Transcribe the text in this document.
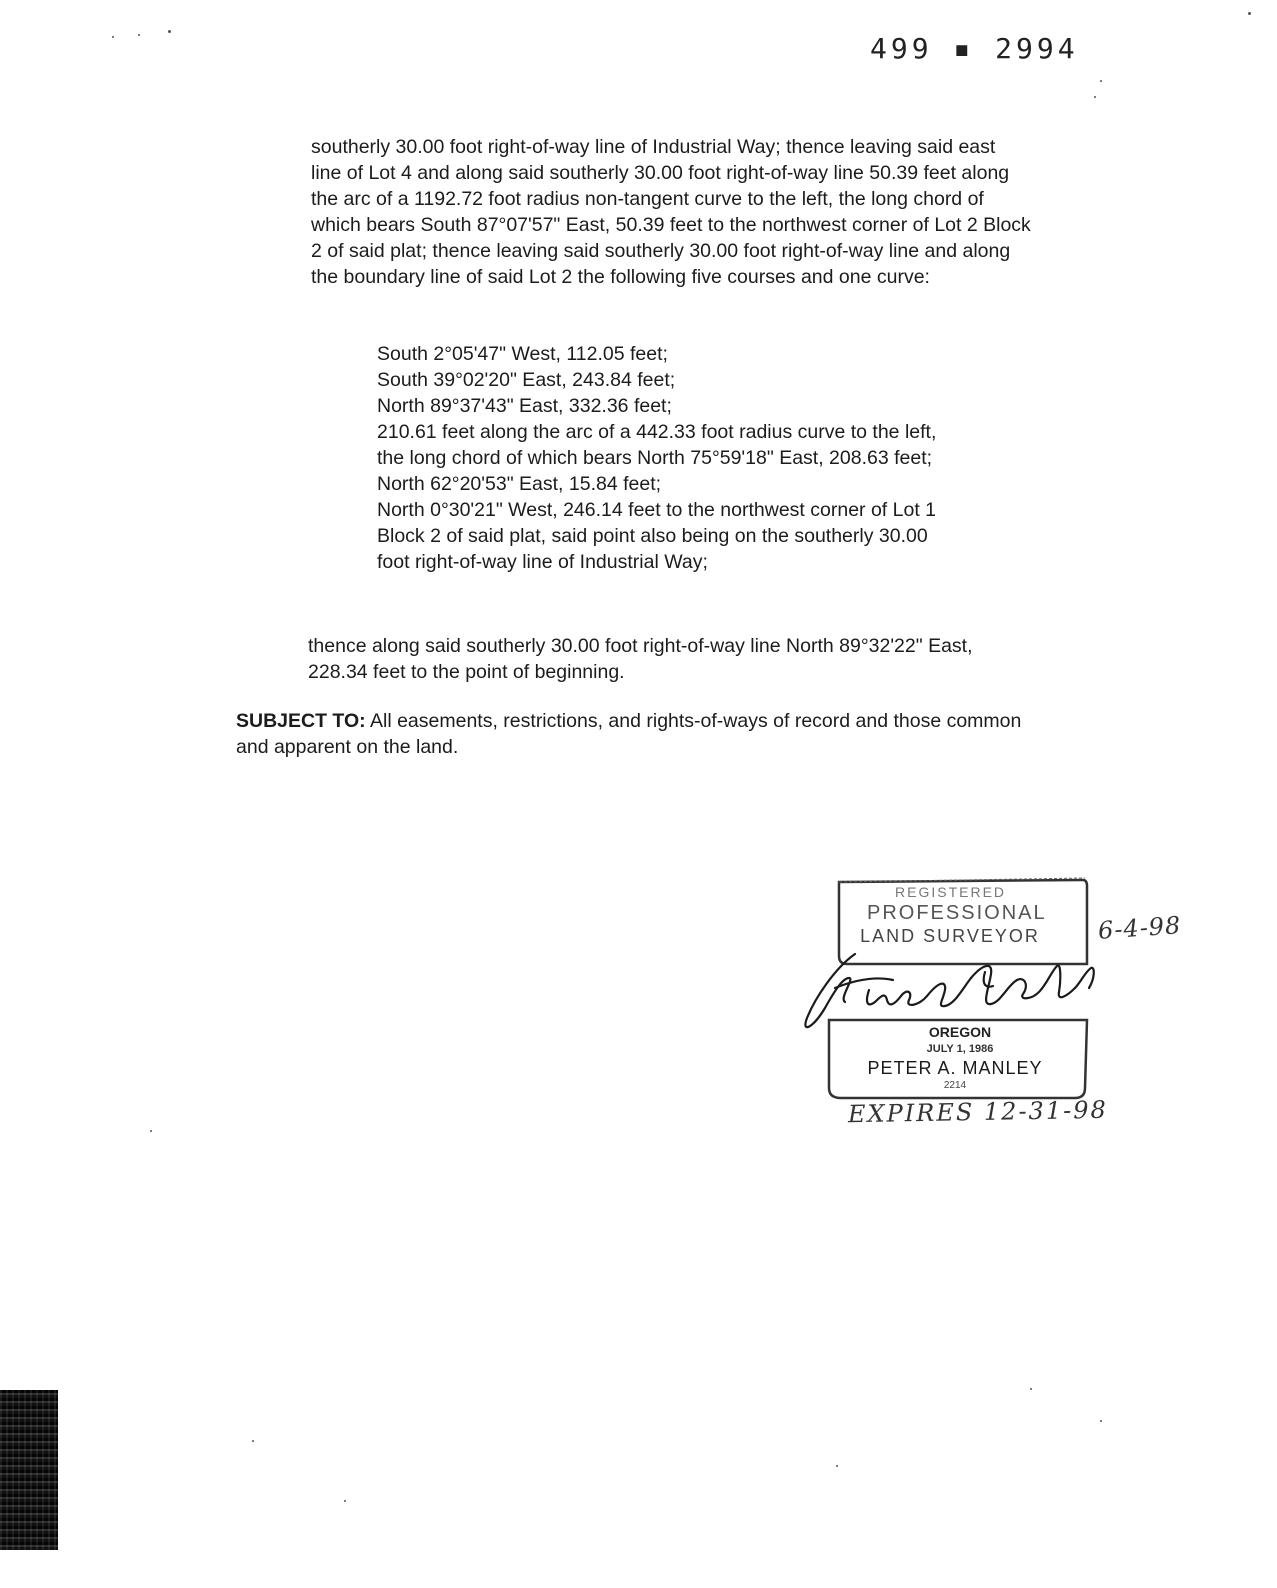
499 ▪ 2994

southerly 30.00 foot right-of-way line of Industrial Way; thence leaving said east line of Lot 4 and along said southerly 30.00 foot right-of-way line 50.39 feet along the arc of a 1192.72 foot radius non-tangent curve to the left, the long chord of which bears South 87°07'57" East, 50.39 feet to the northwest corner of Lot 2 Block 2 of said plat; thence leaving said southerly 30.00 foot right-of-way line and along the boundary line of said Lot 2 the following five courses and one curve:

South 2°05'47" West, 112.05 feet;
South 39°02'20" East, 243.84 feet;
North 89°37'43" East, 332.36 feet;
210.61 feet along the arc of a 442.33 foot radius curve to the left, the long chord of which bears North 75°59'18" East, 208.63 feet;
North 62°20'53" East, 15.84 feet;
North 0°30'21" West, 246.14 feet to the northwest corner of Lot 1 Block 2 of said plat, said point also being on the southerly 30.00 foot right-of-way line of Industrial Way;

thence along said southerly 30.00 foot right-of-way line North 89°32'22" East, 228.34 feet to the point of beginning.

SUBJECT TO: All easements, restrictions, and rights-of-ways of record and those common and apparent on the land.

REGISTERED
PROFESSIONAL
LAND SURVEYOR
OREGON
JULY 1, 1986
PETER A. MANLEY
2214
6-4-98
EXPIRES 12-31-98
